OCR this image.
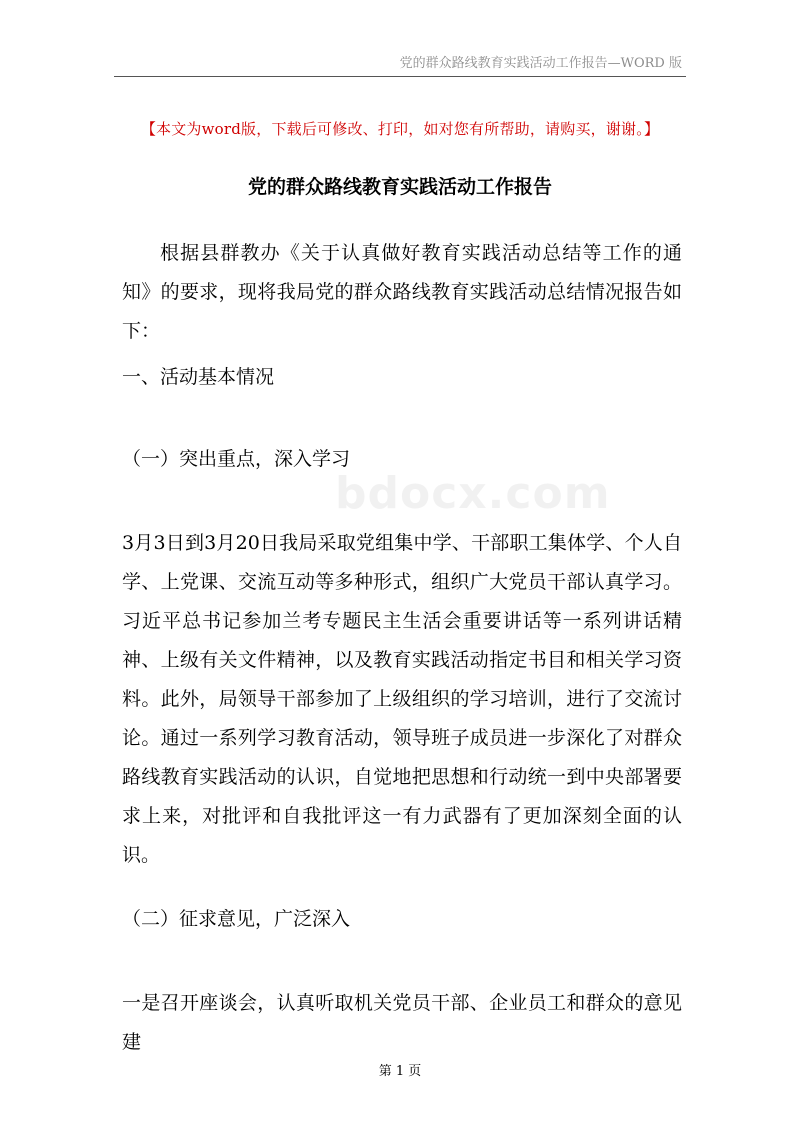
党的群众路线教育实践活动工作报告—WORD 版
【本文为word版，下载后可修改、打印，如对您有所帮助，请购买，谢谢。】
党的群众路线教育实践活动工作报告
根据县群教办《关于认真做好教育实践活动总结等工作的通知》的要求，现将我局党的群众路线教育实践活动总结情况报告如下：
一、活动基本情况
（一）突出重点，深入学习
3月3日到3月20日我局采取党组集中学、干部职工集体学、个人自学、上党课、交流互动等多种形式，组织广大党员干部认真学习。习近平总书记参加兰考专题民主生活会重要讲话等一系列讲话精神、上级有关文件精神，以及教育实践活动指定书目和相关学习资料。此外，局领导干部参加了上级组织的学习培训，进行了交流讨论。通过一系列学习教育活动，领导班子成员进一步深化了对群众路线教育实践活动的认识，自觉地把思想和行动统一到中央部署要求上来，对批评和自我批评这一有力武器有了更加深刻全面的认识。
bdocx.com
（二）征求意见，广泛深入
一是召开座谈会，认真听取机关党员干部、企业员工和群众的意见建
第 1 页
